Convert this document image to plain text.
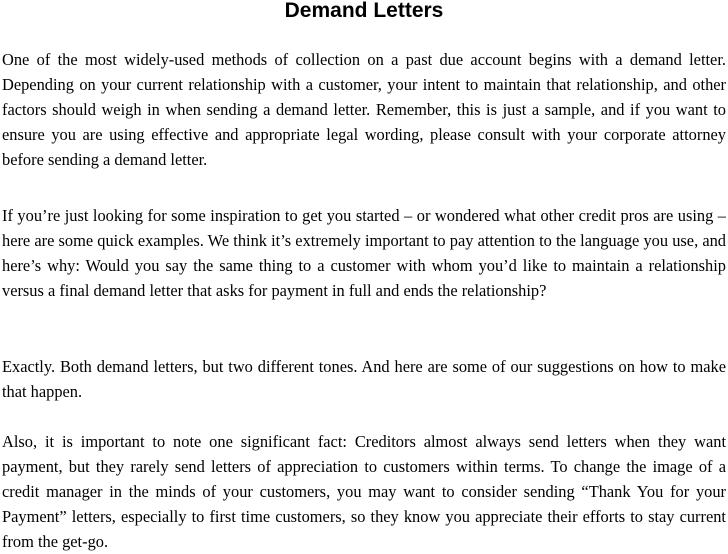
Demand Letters

One of the most widely-used methods of collection on a past due account begins with a demand letter. Depending on your current relationship with a customer, your intent to maintain that relationship, and other factors should weigh in when sending a demand letter. Remember, this is just a sample, and if you want to ensure you are using effective and appropriate legal wording, please consult with your corporate attorney before sending a demand letter.

If you’re just looking for some inspiration to get you started – or wondered what other credit pros are using – here are some quick examples. We think it’s extremely important to pay attention to the language you use, and here’s why: Would you say the same thing to a customer with whom you’d like to maintain a relationship versus a final demand letter that asks for payment in full and ends the relationship?

Exactly. Both demand letters, but two different tones. And here are some of our suggestions on how to make that happen.

Also, it is important to note one significant fact: Creditors almost always send letters when they want payment, but they rarely send letters of appreciation to customers within terms. To change the image of a credit manager in the minds of your customers, you may want to consider sending “Thank You for your Payment” letters, especially to first time customers, so they know you appreciate their efforts to stay current from the get-go.
